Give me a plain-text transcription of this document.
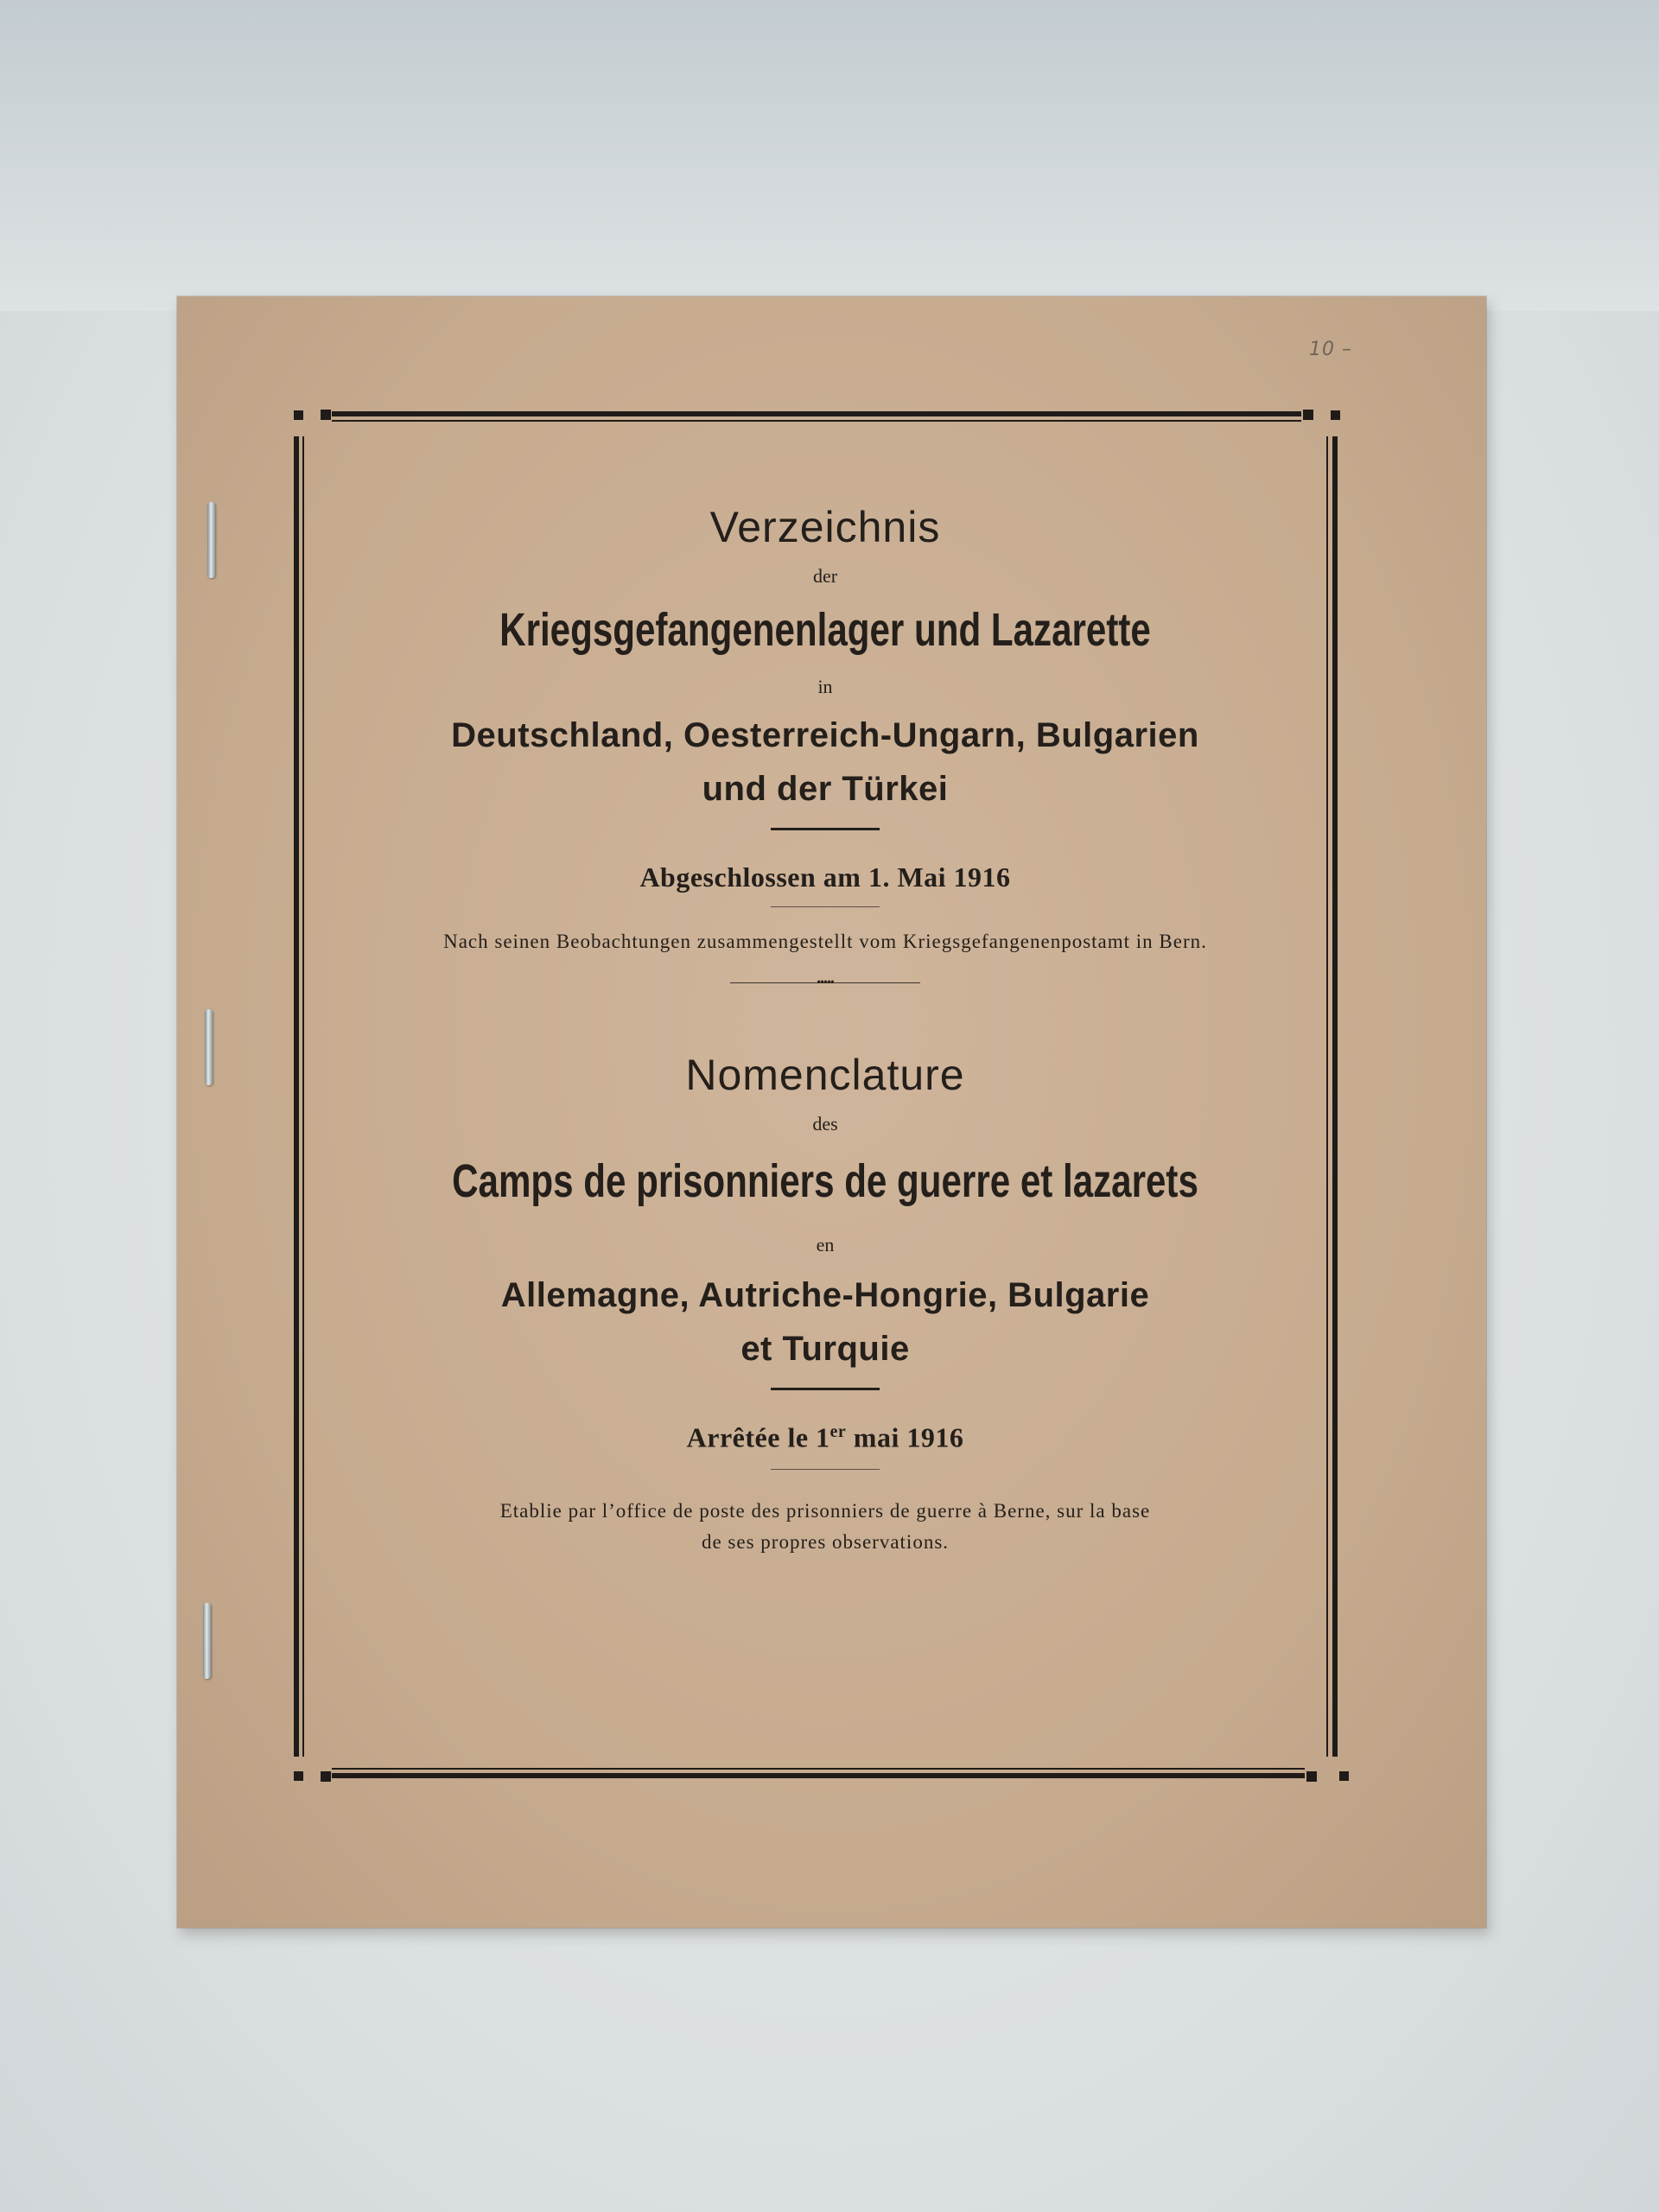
10 –
Verzeichnis
der
Kriegsgefangenenlager und Lazarette
in
Deutschland, Oesterreich-Ungarn, Bulgarien
und der Türkei
Abgeschlossen am 1. Mai 1916
Nach seinen Beobachtungen zusammengestellt vom Kriegsgefangenenpostamt in Bern.
•••••
Nomenclature
des
Camps de prisonniers de guerre et lazarets
en
Allemagne, Autriche-Hongrie, Bulgarie
et Turquie
Arrêtée le 1er mai 1916
Etablie par l’office de poste des prisonniers de guerre à Berne, sur la base
de ses propres observations.
